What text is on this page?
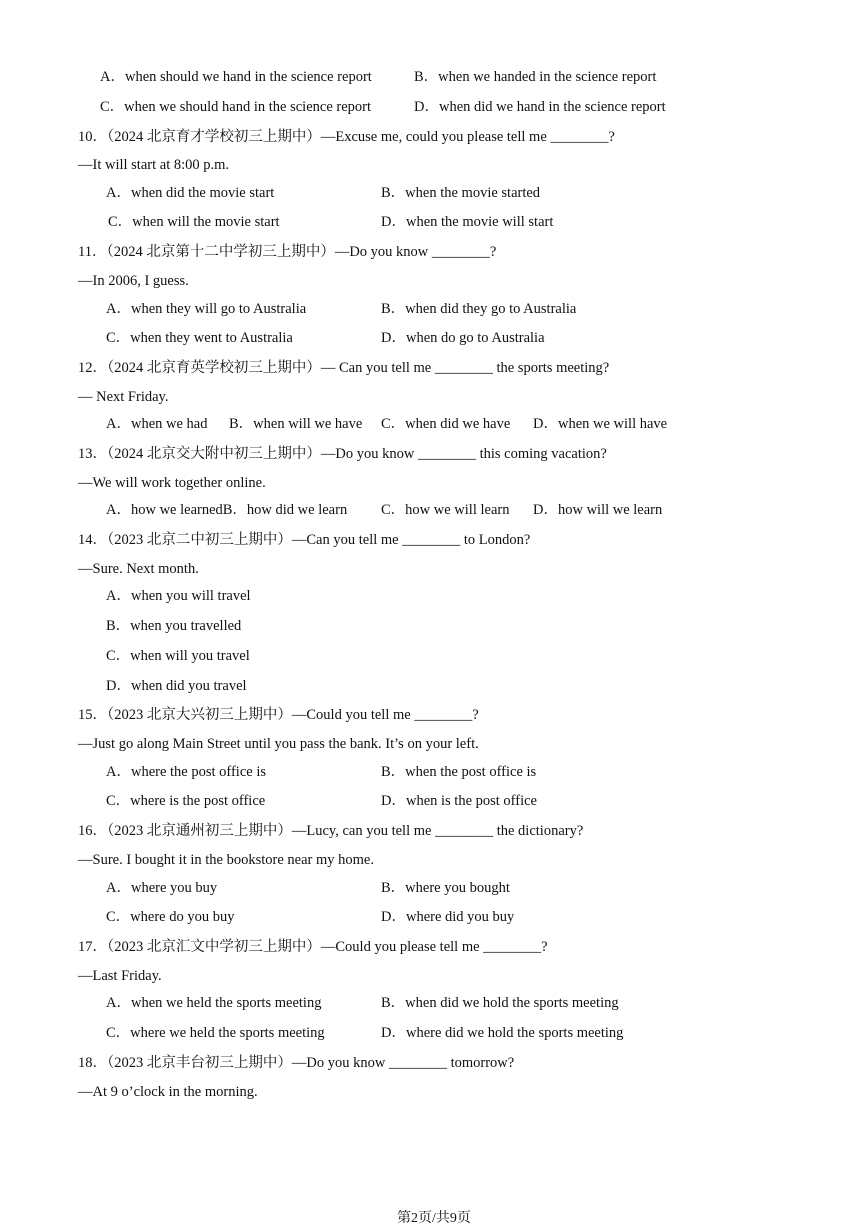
A．when should we hand in the science report	B．when we handed in the science report
C．when we should hand in the science report	D．when did we hand in the science report
10．（2024 北京育才学校初三上期中）—Excuse me, could you please tell me ________?
—It will start at 8:00 p.m.
A．when did the movie start	B．when the movie started
C．when will the movie start	D．when the movie will start
11．（2024 北京第十二中学初三上期中）—Do you know ________?
—In 2006, I guess.
A．when they will go to Australia	B．when did they go to Australia
C．when they went to Australia	D．when do go to Australia
12．（2024 北京育英学校初三上期中）— Can you tell me ________ the sports meeting?
— Next Friday.
A．when we had B．when will we have C．when did we have D．when we will have
13．（2024 北京交大附中初三上期中）—Do you know ________ this coming vacation?
—We will work together online.
A．how we learnedB．how did we learn C．how we will learn D．how will we learn
14．（2023 北京二中初三上期中）—Can you tell me ________ to London?
—Sure. Next month.
A．when you will travel
B．when you travelled
C．when will you travel
D．when did you travel
15．（2023 北京大兴初三上期中）—Could you tell me ________?
—Just go along Main Street until you pass the bank. It’s on your left.
A．where the post office is	B．when the post office is
C．where is the post office	D．when is the post office
16．（2023 北京通州初三上期中）—Lucy, can you tell me ________ the dictionary?
—Sure. I bought it in the bookstore near my home.
A．where you buy	B．where you bought
C．where do you buy	D．where did you buy
17．（2023 北京汇文中学初三上期中）—Could you please tell me ________?
—Last Friday.
A．when we held the sports meeting	B．when did we hold the sports meeting
C．where we held the sports meeting	D．where did we hold the sports meeting
18．（2023 北京丰台初三上期中）—Do you know ________ tomorrow?
—At 9 o’clock in the morning.
第2页/共9页
